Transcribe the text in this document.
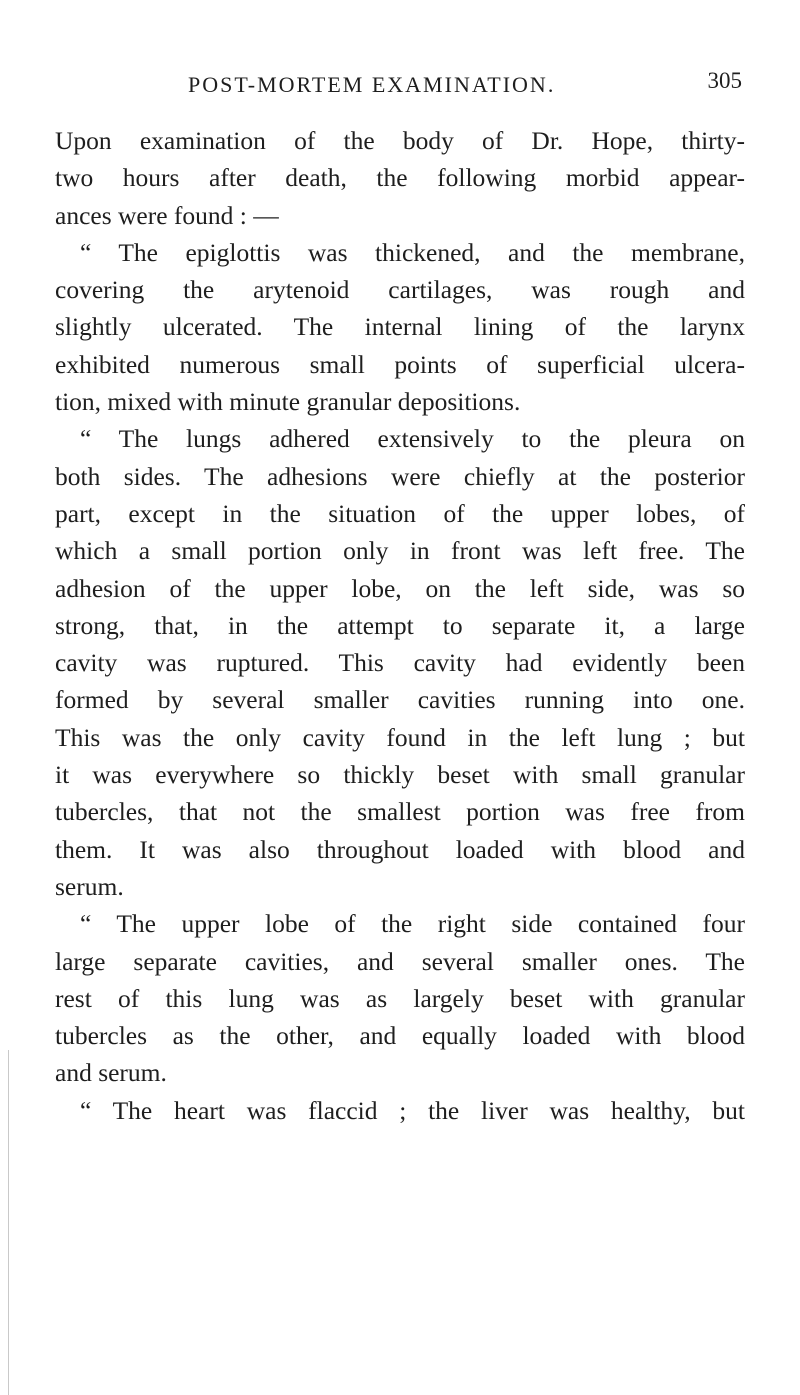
POST-MORTEM EXAMINATION.	305
Upon examination of the body of Dr. Hope, thirty-
two hours after death, the following morbid appear-
ances were found : —
“ The epiglottis was thickened, and the membrane,
covering the arytenoid cartilages, was rough and
slightly ulcerated. The internal lining of the larynx
exhibited numerous small points of superficial ulcera-
tion, mixed with minute granular depositions.
“ The lungs adhered extensively to the pleura on
both sides. The adhesions were chiefly at the posterior
part, except in the situation of the upper lobes, of
which a small portion only in front was left free. The
adhesion of the upper lobe, on the left side, was so
strong, that, in the attempt to separate it, a large
cavity was ruptured. This cavity had evidently been
formed by several smaller cavities running into one.
This was the only cavity found in the left lung ; but
it was everywhere so thickly beset with small granular
tubercles, that not the smallest portion was free from
them. It was also throughout loaded with blood and
serum.
“ The upper lobe of the right side contained four
large separate cavities, and several smaller ones. The
rest of this lung was as largely beset with granular
tubercles as the other, and equally loaded with blood
and serum.
“ The heart was flaccid ; the liver was healthy, but
